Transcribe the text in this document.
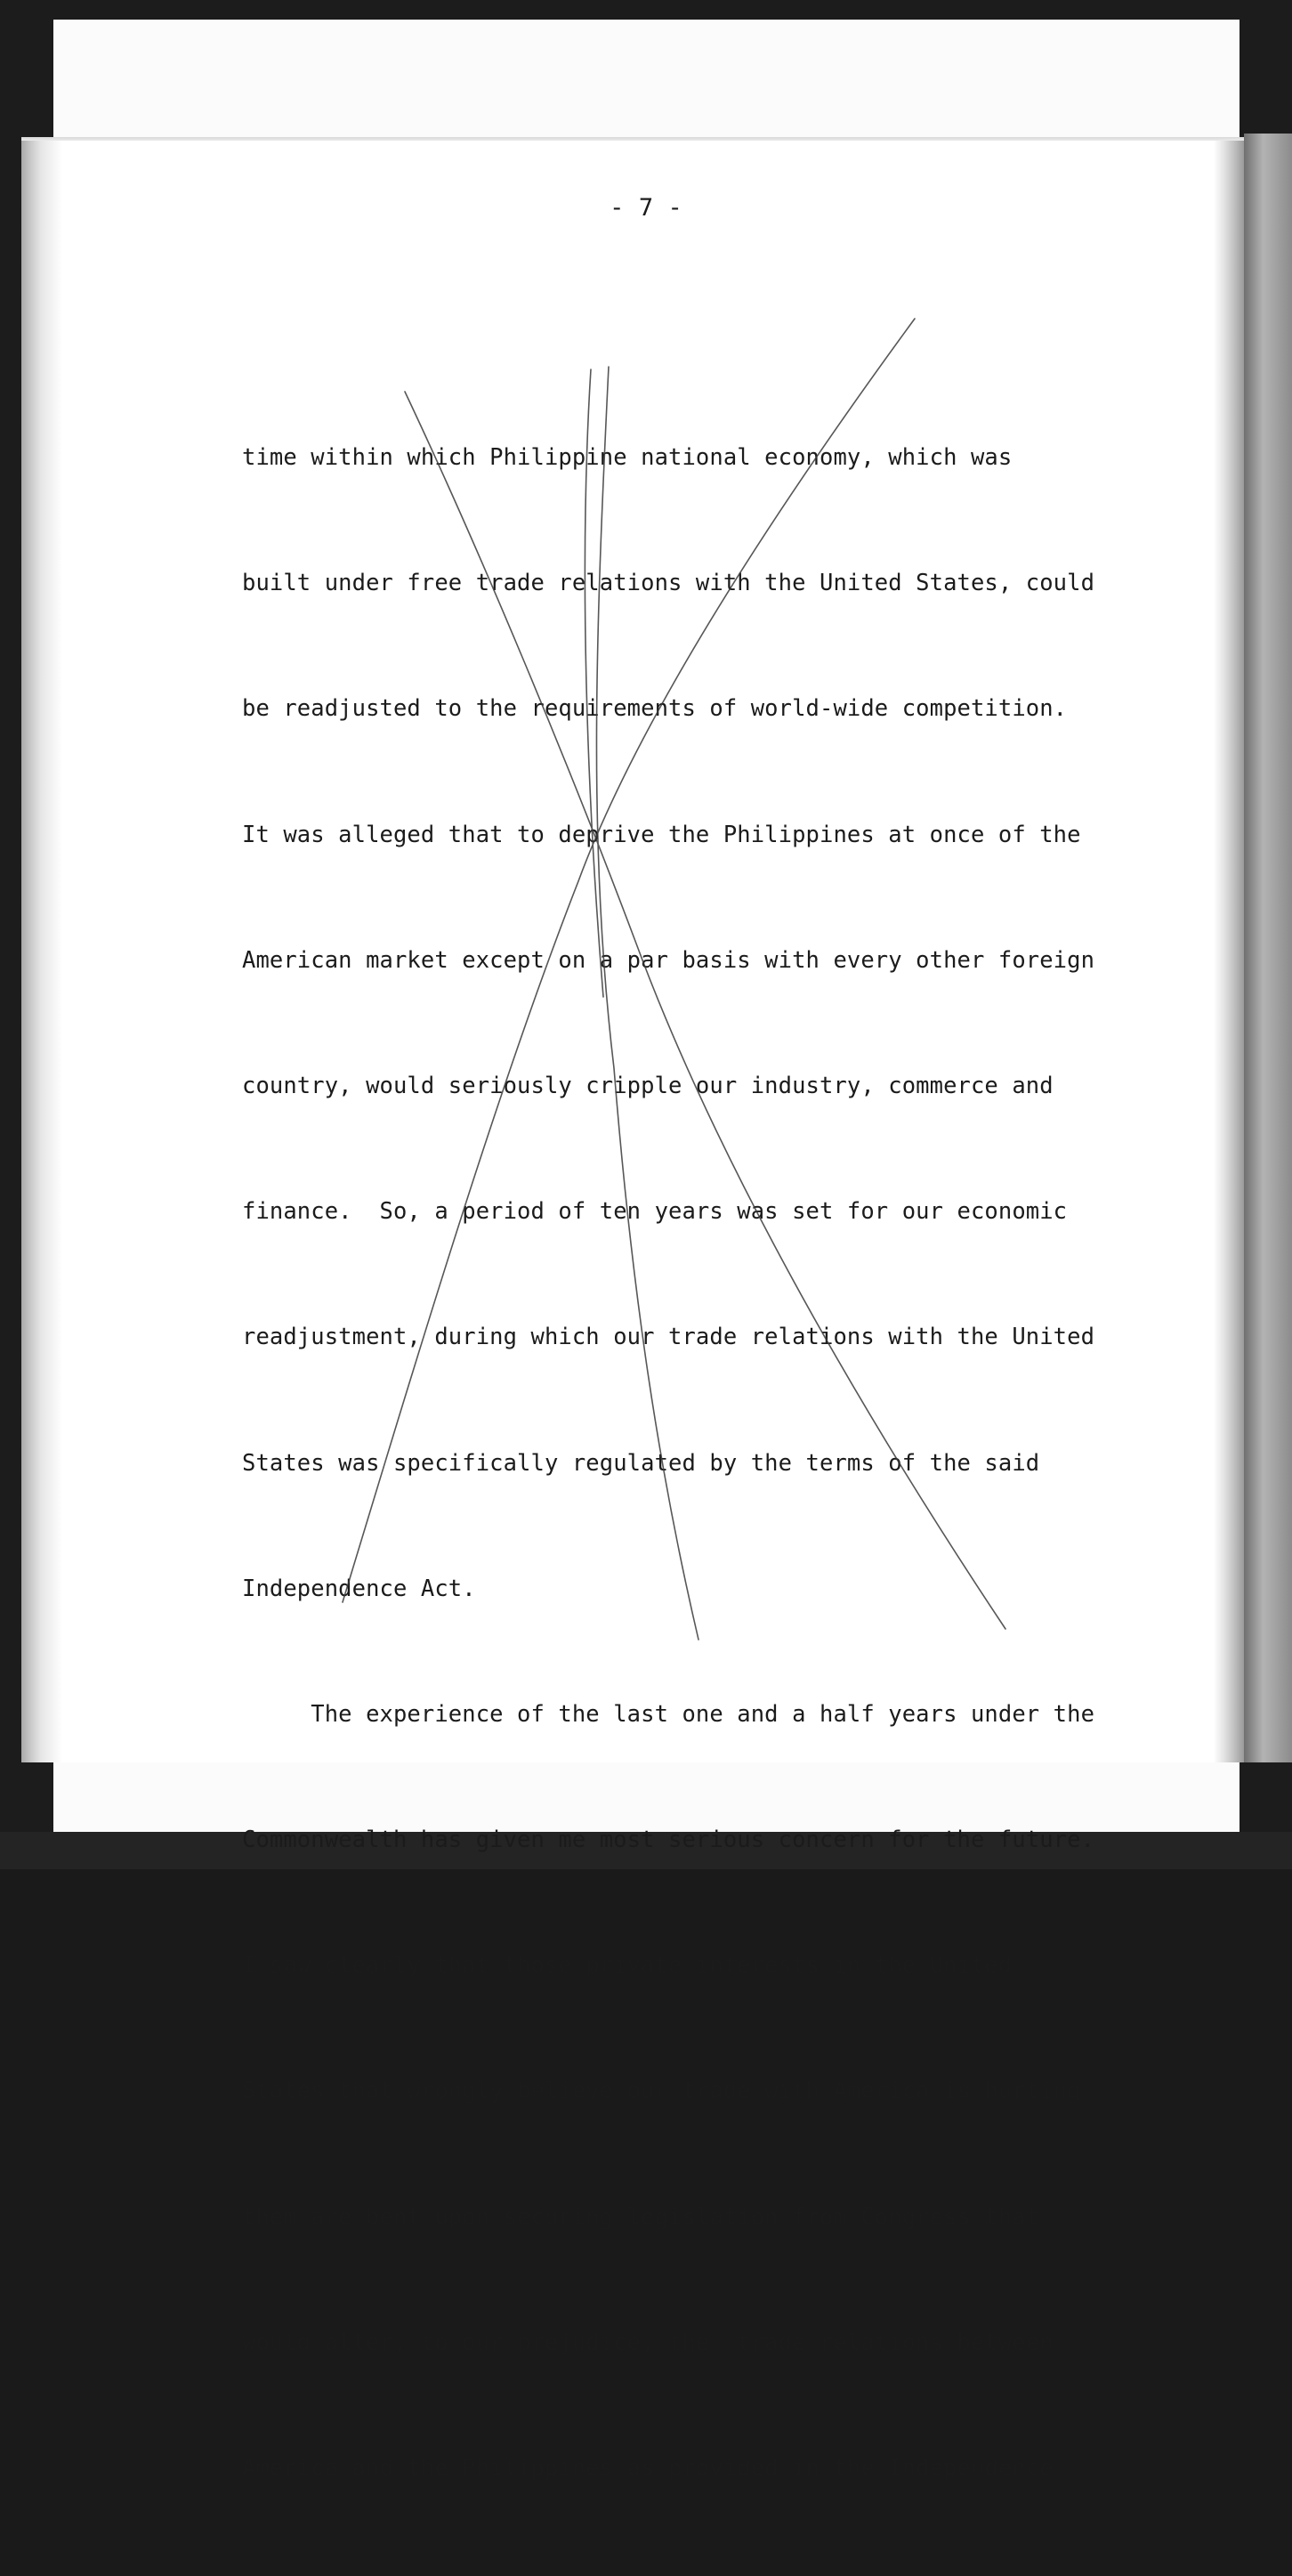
- 7 -

time within which Philippine national economy, which was

built under free trade relations with the United States, could

be readjusted to the requirements of world-wide competition.

It was alleged that to deprive the Philippines at once of the

American market except on a par basis with every other foreign

country, would seriously cripple our industry, commerce and

finance.  So, a period of ten years was set for our economic

readjustment, during which our trade relations with the United

States was specifically regulated by the terms of the said

Independence Act.

The experience of the last one and a half years under the

Commonwealth has given me most serious concern for the future.

I saw clearly that those private interests in the United

States that wrongly believe our trade with America is hurting

them are bent upon securing legislation from Congress that

would alter, to our prejudice, the  trade relations between

America and the Philippines as provided in the Independence
